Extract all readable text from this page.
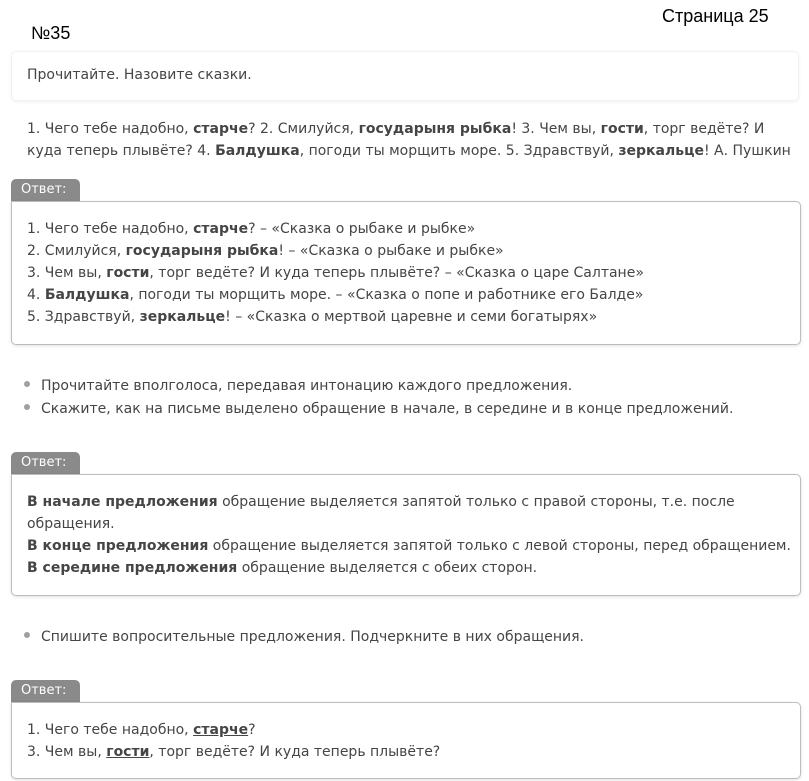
Страница 25
№35
Прочитайте. Назовите сказки.
1. Чего тебе надобно, старче? 2. Смилуйся, государыня рыбка! 3. Чем вы, гости, торг ведёте? И
куда теперь плывёте? 4. Балдушка, погоди ты морщить море. 5. Здравствуй, зеркальце! А. Пушкин
Ответ:
1. Чего тебе надобно, старче? – «Сказка о рыбаке и рыбке»
2. Смилуйся, государыня рыбка! – «Сказка о рыбаке и рыбке»
3. Чем вы, гости, торг ведёте? И куда теперь плывёте? – «Сказка о царе Салтане»
4. Балдушка, погоди ты морщить море. – «Сказка о попе и работнике его Балде»
5. Здравствуй, зеркальце! – «Сказка о мертвой царевне и семи богатырях»
Прочитайте вполголоса, передавая интонацию каждого предложения.
Скажите, как на письме выделено обращение в начале, в середине и в конце предложений.
Ответ:
В начале предложения обращение выделяется запятой только с правой стороны, т.е. после
обращения.
В конце предложения обращение выделяется запятой только с левой стороны, перед обращением.
В середине предложения обращение выделяется с обеих сторон.
Спишите вопросительные предложения. Подчеркните в них обращения.
Ответ:
1. Чего тебе надобно, старче?
3. Чем вы, гости, торг ведёте? И куда теперь плывёте?
